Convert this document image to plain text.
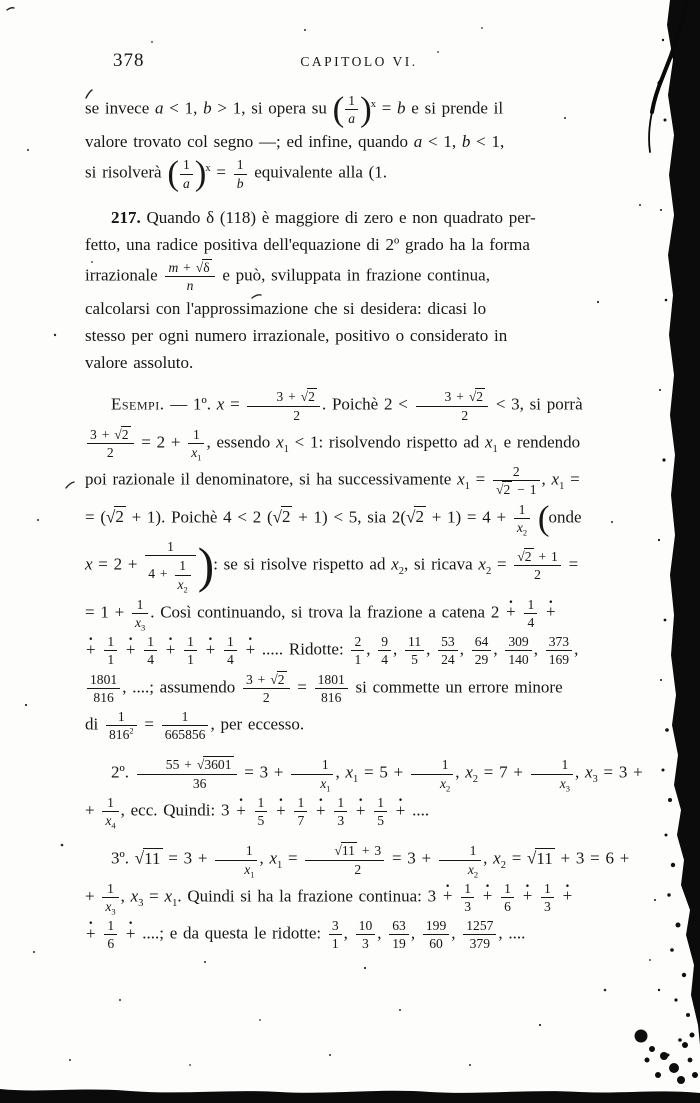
378	CAPITOLO VI.
se invece a < 1, b > 1, si opera su ( $\frac{1}{a} )^x = b$ e si prende il
valore trovato col segno —; ed infine, quando a < 1, b < 1,
si risolverà ( $\frac{1}{a} )^x = \frac{1}{b}$ equivalente alla (1.
217. Quando δ (118) è maggiore di zero e non quadrato per-
fetto, una radice positiva dell'equazione di 2º grado ha la forma
irrazionale $\frac{m + √\delta}{n}$ e può, sviluppata in frazione continua,
calcolarsi con l'approssimazione che si desidera: dicasi lo
stesso per ogni numero irrazionale, positivo o considerato in
valore assoluto.
Esempi. — 1º. $x = \frac{3 + √2}{2}$ . Poichè $2 < \frac{3 + √2}{2} < 3$, si porrà
$\frac{3 + √2}{2} = 2 + \frac{1}{x_1}$ , essendo $x_1 < 1$: risolvendo rispetto ad $x_1$ e rendendo
poi razionale il denominatore, si ha successivamente $x_1 = \frac{2}{√2 - 1}$ , $x_1$ =
= (√2 + 1). Poichè 4 < 2 (√2 + 1) < 5, sia $2(√2 + 1) = 4 + \frac{1}{x_2}$ (onde
$x = 2 + \frac{1}{4 + \frac{1}{x_2}}$ ): se si risolve rispetto ad $x_2$, si ricava $x_2 = \frac{√2 + 1}{2}$ =
= $1 + \frac{1}{x_3}$ . Così continuando, si trova la frazione a catena 2 + · $\frac{1}{4}$ + ·
+ · $\frac{1}{1}$ + · $\frac{1}{4}$ + · $\frac{1}{1}$ + · $\frac{1}{4}$ + · ..... Ridotte: $\frac{2}{1}$ , $\frac{9}{4}$ , $\frac{11}{5}$ , $\frac{53}{24}$ , $\frac{64}{29}$ , $\frac{309}{140}$ , $\frac{373}{169}$ ,
$\frac{1801}{816}$ , ....; assumendo $\frac{3 + √2}{2} = \frac{1801}{816}$ si commette un errore minore
di $\frac{1}{816^2} = \frac{1}{665856}$ , per eccesso.
2º. $\frac{55 + √3601}{36} = 3 + \frac{1}{x_1}$ , $x_1 = 5 + \frac{1}{x_2}$ , $x_2 = 7 + \frac{1}{x_3}$ , $x_3 = 3$ +
+ $\frac{1}{x_4}$ , ecc. Quindi: 3 + · $\frac{1}{5}$ + · $\frac{1}{7}$ + · $\frac{1}{3}$ + · $\frac{1}{5}$ + · ....
3º. $√11 = 3 + \frac{1}{x_1}$ , $x_1 = \frac{√11 + 3}{2} = 3 + \frac{1}{x_2}$ , $x_2 = √11 + 3 = 6$ +
+ $\frac{1}{x_3}$ , $x_3 = x_1$. Quindi si ha la frazione continua: 3 + · $\frac{1}{3}$ + · $\frac{1}{6}$ + · $\frac{1}{3}$ + ·
+ · $\frac{1}{6}$ + · ....; e da questa le ridotte: $\frac{3}{1}$ , $\frac{10}{3}$ , $\frac{63}{19}$ , $\frac{199}{60}$ , $\frac{1257}{379}$ , ....
